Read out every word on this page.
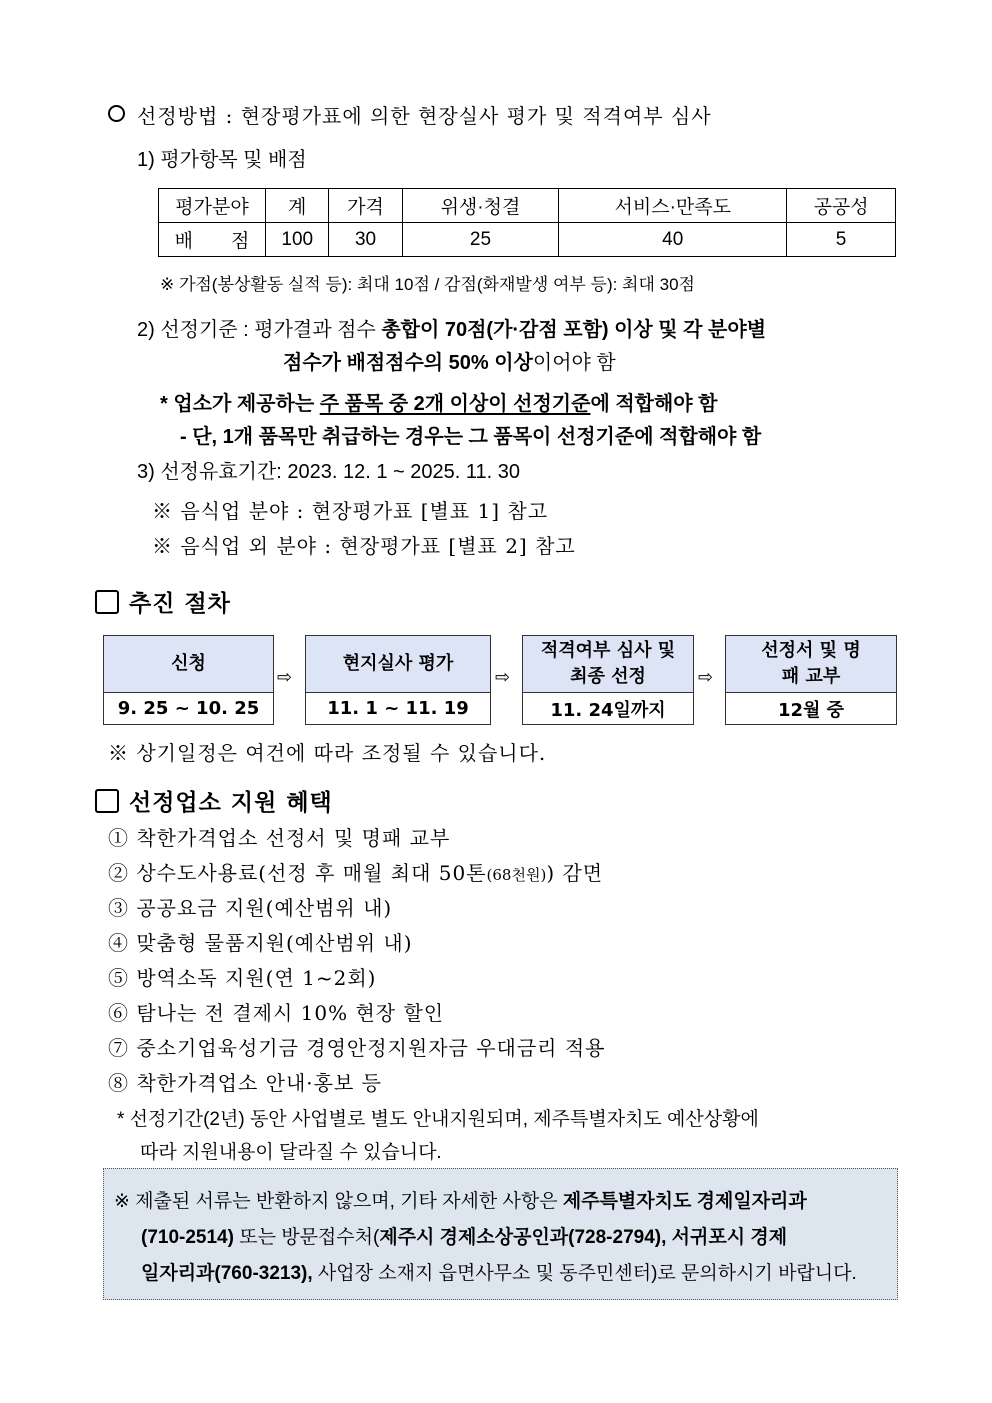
선정방법 : 현장평가표에 의한 현장실사 평가 및 적격여부 심사
1) 평가항목 및 배점
평가분야	계	가격	위생·청결	서비스·만족도	공공성
배　　점	100	30	25	40	5
※ 가점(봉상활동 실적 등): 최대 10점 / 감점(화재발생 여부 등): 최대 30점
2) 선정기준 : 평가결과 점수 총합이 70점(가·감점 포함) 이상 및 각 분야별
점수가 배점점수의 50% 이상이어야 함
* 업소가 제공하는 주 품목 중 2개 이상이 선정기준에 적합해야 함
- 단, 1개 품목만 취급하는 경우는 그 품목이 선정기준에 적합해야 함
3) 선정유효기간: 2023. 12. 1 ~ 2025. 11. 30
※ 음식업 분야 : 현장평가표 [별표 1] 참고
※ 음식업 외 분야 : 현장평가표 [별표 2] 참고
추진 절차
신청
9. 25 ~ 10. 25
⇨
현지실사 평가
11. 1 ~ 11. 19
⇨
적격여부 심사 및 최종 선정
11. 24일까지
⇨
선정서 및 명패 교부
12월 중
※ 상기일정은 여건에 따라 조정될 수 있습니다.
선정업소 지원 혜택
① 착한가격업소 선정서 및 명패 교부
② 상수도사용료(선정 후 매월 최대 50톤(68천원)) 감면
③ 공공요금 지원(예산범위 내)
④ 맞춤형 물품지원(예산범위 내)
⑤ 방역소독 지원(연 1~2회)
⑥ 탐나는 전 결제시 10% 현장 할인
⑦ 중소기업육성기금 경영안정지원자금 우대금리 적용
⑧ 착한가격업소 안내·홍보 등
* 선정기간(2년) 동안 사업별로 별도 안내지원되며, 제주특별자치도 예산상황에
따라 지원내용이 달라질 수 있습니다.
※ 제출된 서류는 반환하지 않으며, 기타 자세한 사항은 제주특별자치도 경제일자리과
(710-2514) 또는 방문접수처(제주시 경제소상공인과(728-2794), 서귀포시 경제
일자리과(760-3213), 사업장 소재지 읍면사무소 및 동주민센터)로 문의하시기 바랍니다.
